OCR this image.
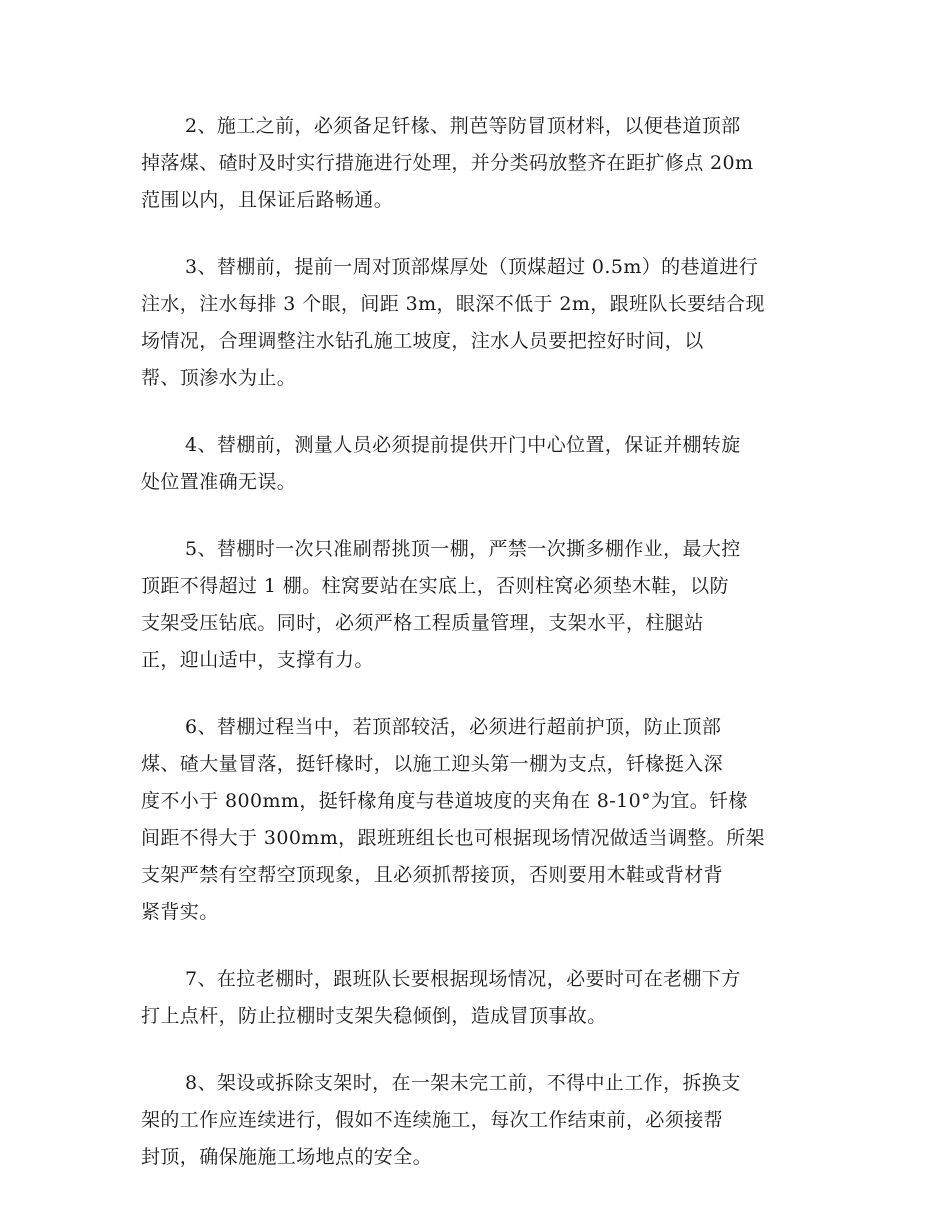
2、施工之前，必须备足钎椽、荆芭等防冒顶材料，以便巷道顶部
掉落煤、碴时及时实行措施进行处理，并分类码放整齐在距扩修点 20m
范围以内，且保证后路畅通。

3、替棚前，提前一周对顶部煤厚处（顶煤超过 0.5m）的巷道进行
注水，注水每排 3 个眼，间距 3m，眼深不低于 2m，跟班队长要结合现
场情况，合理调整注水钻孔施工坡度，注水人员要把控好时间，以
帮、顶渗水为止。

4、替棚前，测量人员必须提前提供开门中心位置，保证并棚转旋
处位置准确无误。

5、替棚时一次只准刷帮挑顶一棚，严禁一次撕多棚作业，最大控
顶距不得超过 1 棚。柱窝要站在实底上，否则柱窝必须垫木鞋，以防
支架受压钻底。同时，必须严格工程质量管理，支架水平，柱腿站
正，迎山适中，支撑有力。

6、替棚过程当中，若顶部较活，必须进行超前护顶，防止顶部
煤、碴大量冒落，挺钎椽时，以施工迎头第一棚为支点，钎椽挺入深
度不小于 800mm，挺钎椽角度与巷道坡度的夹角在 8-10°为宜。钎椽
间距不得大于 300mm，跟班班组长也可根据现场情况做适当调整。所架
支架严禁有空帮空顶现象，且必须抓帮接顶，否则要用木鞋或背材背
紧背实。

7、在拉老棚时，跟班队长要根据现场情况，必要时可在老棚下方
打上点杆，防止拉棚时支架失稳倾倒，造成冒顶事故。

8、架设或拆除支架时，在一架未完工前，不得中止工作，拆换支
架的工作应连续进行，假如不连续施工，每次工作结束前，必须接帮
封顶，确保施施工场地点的安全。
